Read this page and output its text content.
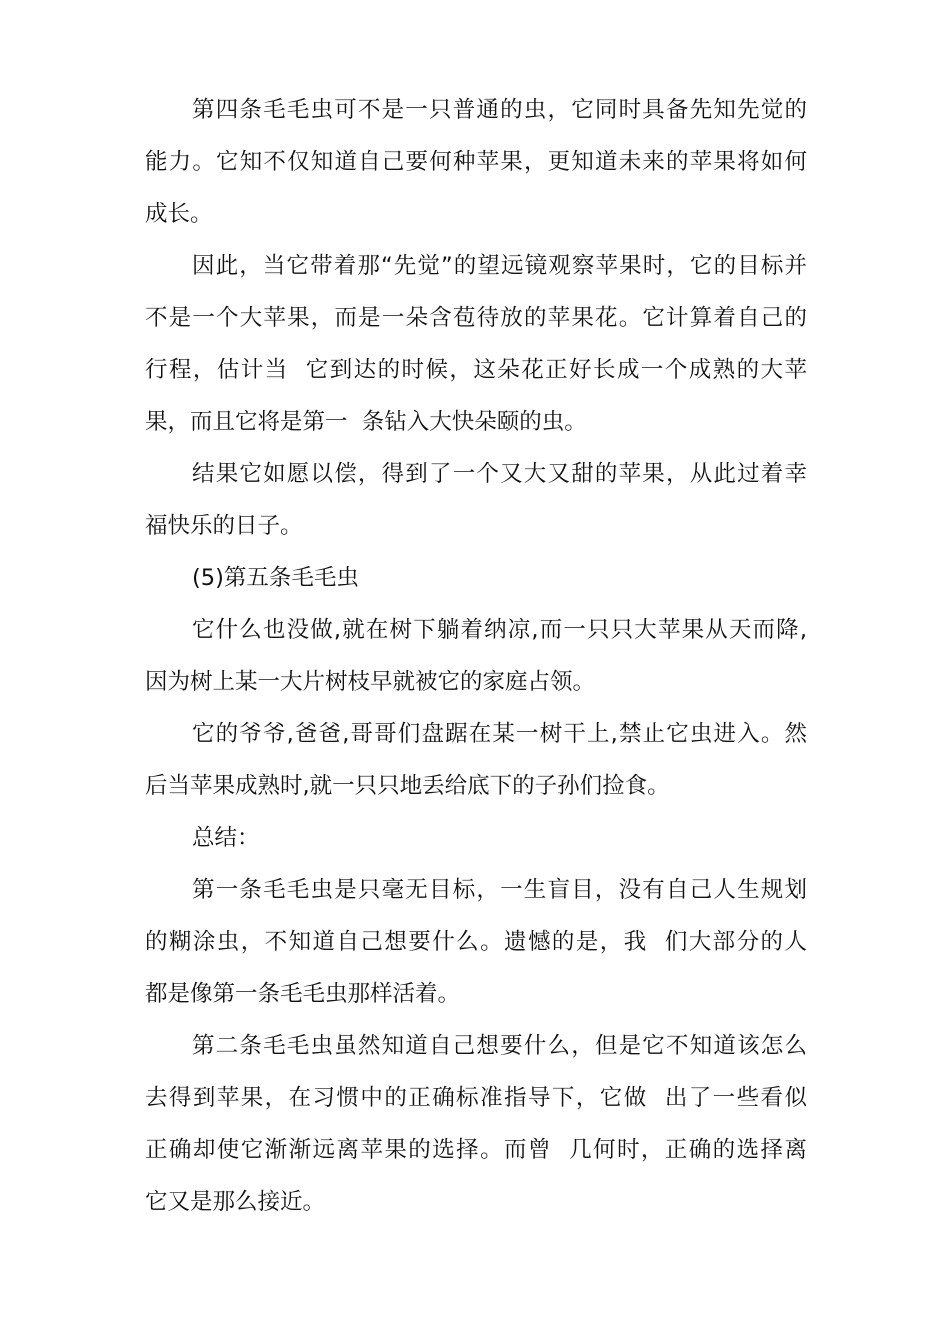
第四条毛毛虫可不是一只普通的虫，它同时具备先知先觉的
能力。它知不仅知道自己要何种苹果，更知道未来的苹果将如何
成长。
因此，当它带着那“先觉”的望远镜观察苹果时，它的目标并
不是一个大苹果，而是一朵含苞待放的苹果花。它计算着自己的
行程，估计当  它到达的时候，这朵花正好长成一个成熟的大苹
果，而且它将是第一  条钻入大快朵颐的虫。
结果它如愿以偿，得到了一个又大又甜的苹果，从此过着幸
福快乐的日子。
(5)第五条毛毛虫
它什么也没做,就在树下躺着纳凉,而一只只大苹果从天而降,
因为树上某一大片树枝早就被它的家庭占领。
它的爷爷,爸爸,哥哥们盘踞在某一树干上,禁止它虫进入。然
后当苹果成熟时,就一只只地丢给底下的子孙们捡食。
总结：
第一条毛毛虫是只毫无目标，一生盲目，没有自己人生规划
的糊涂虫，不知道自己想要什么。遗憾的是，我  们大部分的人
都是像第一条毛毛虫那样活着。
第二条毛毛虫虽然知道自己想要什么，但是它不知道该怎么
去得到苹果，在习惯中的正确标准指导下，它做  出了一些看似
正确却使它渐渐远离苹果的选择。而曾  几何时，正确的选择离
它又是那么接近。
